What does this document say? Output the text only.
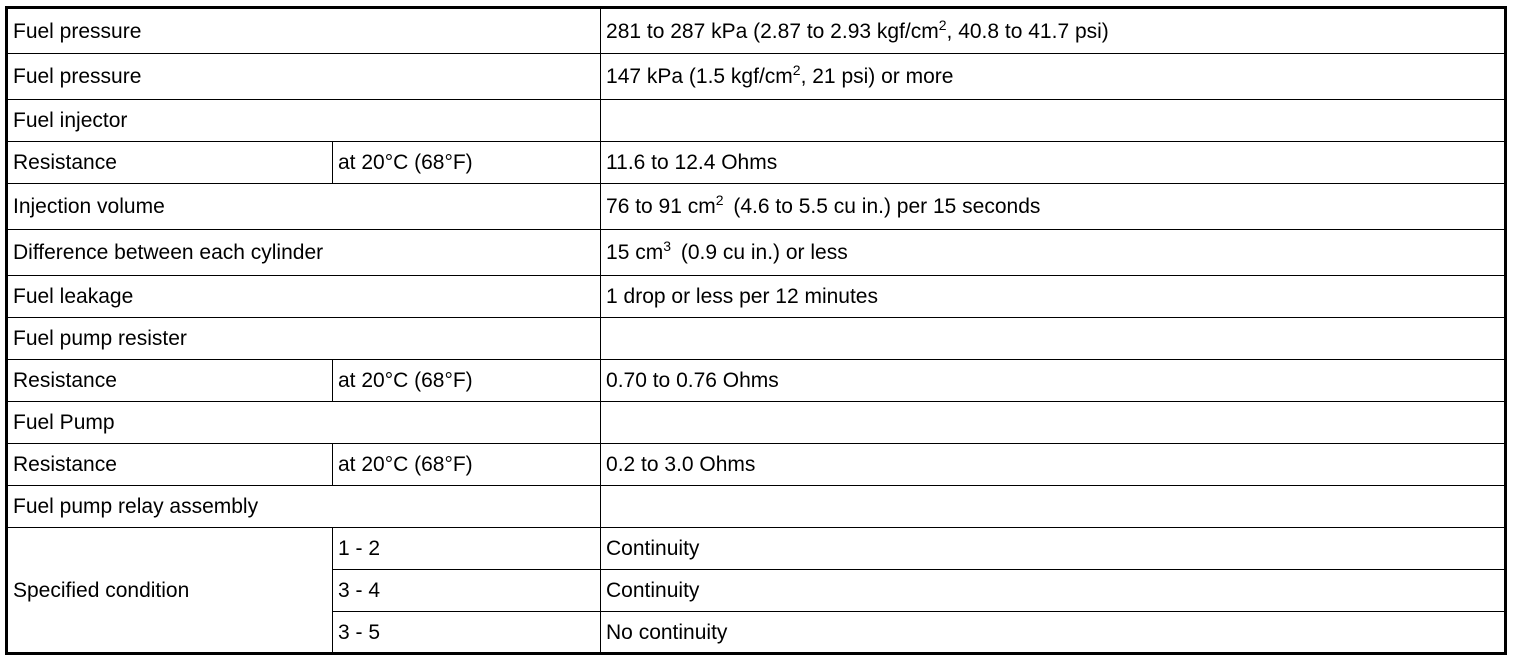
Fuel pressure		281 to 287 kPa (2.87 to 2.93 kgf/$cm^2$, 40.8 to 41.7 psi)
Fuel pressure		147 kPa (1.5 kgf/$cm^2$, 21 psi) or more
Fuel injector		
Resistance	at 20°C (68°F)	11.6 to 12.4 Ohms
Injection volume		76 to 91 $cm^2$ (4.6 to 5.5 cu in.) per 15 seconds
Difference between each cylinder		15 $cm^3$ (0.9 cu in.) or less
Fuel leakage		1 drop or less per 12 minutes
Fuel pump resister		
Resistance	at 20°C (68°F)	0.70 to 0.76 Ohms
Fuel Pump		
Resistance	at 20°C (68°F)	0.2 to 3.0 Ohms
Fuel pump relay assembly		
Specified condition	1 - 2	Continuity
	3 - 4	Continuity
	3 - 5	No continuity
